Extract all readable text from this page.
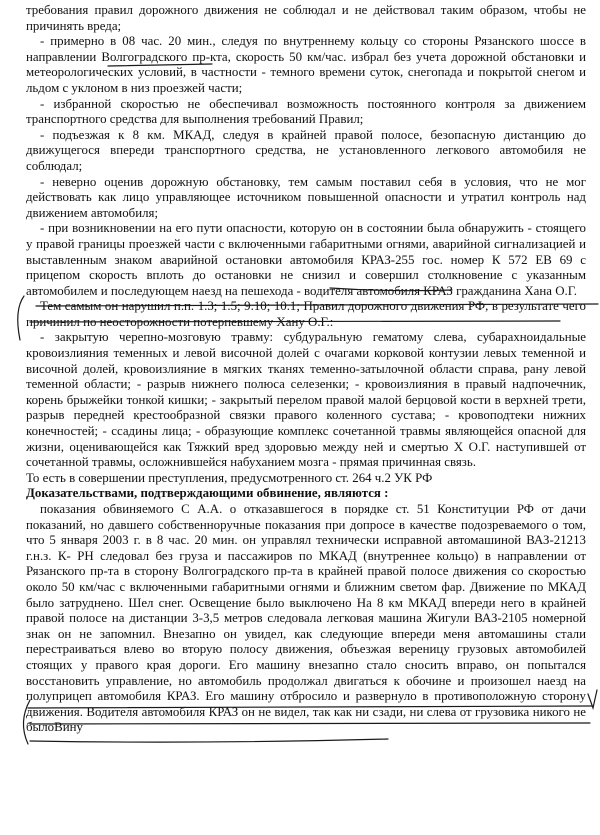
требования правил дорожного движения не соблюдал и не действовал таким образом, чтобы не причинять вреда;

- примерно в 08 час. 20 мин., следуя по внутреннему кольцу со стороны Рязанского шоссе в направлении Волгоградского пр-кта, скорость 50 км/час. избрал без учета дорожной обстановки и метеорологических условий, в частности - темного времени суток, снегопада и покрытой снегом и льдом с уклоном в низ проезжей части;

- избранной скоростью не обеспечивал возможность постоянного контроля за движением транспортного средства для выполнения требований Правил;

- подъезжая к 8 км. МКАД, следуя в крайней правой полосе, безопасную дистанцию до движущегося впереди транспортного средства, не установленного легкового автомобиля не соблюдал;

- неверно оценив дорожную обстановку, тем самым поставил себя в условия, что не мог действовать как лицо управляющее источником повышенной опасности и утратил контроль над движением автомобиля;

- при возникновении на его пути опасности, которую он в состоянии была обнаружить - стоящего у правой границы проезжей части с включенными габаритными огнями, аварийной сигнализацией и выставленным знаком аварийной остановки автомобиля КРАЗ-255 гос. номер К 572 ЕВ 69 с прицепом скорость вплоть до остановки не снизил и совершил столкновение с указанным автомобилем и последующем наезд на пешехода - водителя автомобиля КРАЗ гражданина Хана О.Г.

Тем самым он нарушил п.п. 1.3; 1.5; 9.10; 10.1; Правил дорожного движения РФ, в результате чего причинил по неосторожности потерпевшему Хану О.Г.:

- закрытую черепно-мозговую травму: субдуральную гематому слева, субарахноидальные кровоизлияния теменных и левой височной долей с очагами корковой контузии левых теменной и височной долей, кровоизлияние в мягких тканях теменно-затылочной области справа, рану левой теменной области; - разрыв нижнего полюса селезенки; - кровоизлияния в правый надпочечник, корень брыжейки тонкой кишки; - закрытый перелом правой малой берцовой кости в верхней трети, разрыв передней крестообразной связки правого коленного сустава; - кровоподтеки нижних конечностей; - ссадины лица; - образующие комплекс сочетанной травмы являющейся опасной для жизни, оценивающейся как Тяжкий вред здоровью между ней и смертью Х О.Г. наступившей от сочетанной травмы, осложнившейся набуханием мозга - прямая причинная связь.

То есть в совершении преступления, предусмотренного ст. 264 ч.2 УК РФ

Доказательствами, подтверждающими обвинение, являются :

показания обвиняемого С А.А. о отказавшегося в порядке ст. 51 Конституции РФ от дачи показаний, но давшего собственноручные показания при допросе в качестве подозреваемого о том, что 5 января 2003 г. в 8 час. 20 мин. он управлял технически исправной автомашиной ВАЗ-21213 г.н.з. К- РН следовал без груза и пассажиров по МКАД (внутреннее кольцо) в направлении от Рязанского пр-та в сторону Волгоградского пр-та в крайней правой полосе движения со скоростью около 50 км/час с включенными габаритными огнями и ближним светом фар. Движение по МКАД было затруднено. Шел снег. Освещение было выключено На 8 км МКАД впереди него в крайней правой полосе на дистанции 3-3,5 метров следовала легковая машина Жигули ВАЗ-2105 номерной знак он не запомнил. Внезапно он увидел, как следующие впереди меня автомашины стали перестраиваться влево во вторую полосу движения, объезжая вереницу грузовых автомобилей стоящих у правого края дороги. Его машину внезапно стало сносить вправо, он попытался восстановить управление, но автомобиль продолжал двигаться к обочине и произошел наезд на полуприцеп автомобиля КРАЗ. Его машину отбросило и развернуло в противоположную сторону движения. Водителя автомобиля КРАЗ он не видел, так как ни сзади, ни слева от грузовика никого не былоВину
